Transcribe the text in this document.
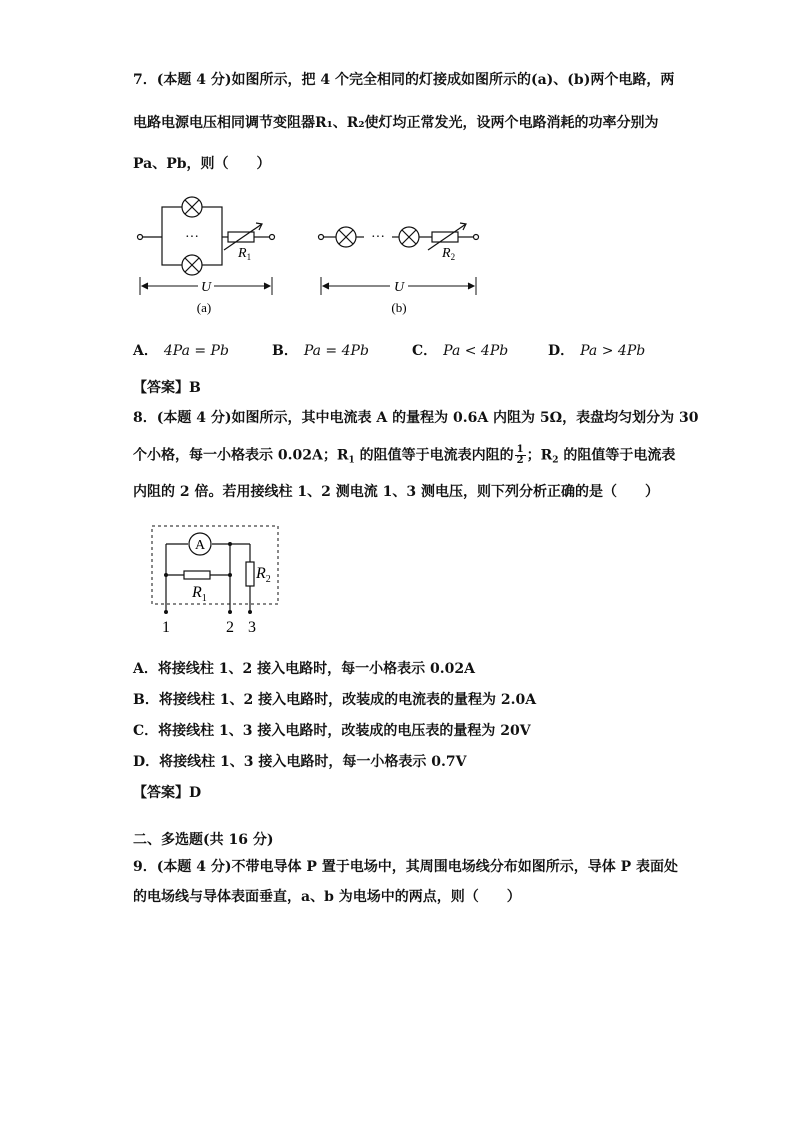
7．(本题 4 分)如图所示，把 4 个完全相同的灯接成如图所示的(a)、(b)两个电路，两
电路电源电压相同调节变阻器R₁、R₂使灯均正常发光，设两个电路消耗的功率分别为
Pa、Pb，则（　　）
···
$R_1$
U
(a)
···
$R_2$
U
(b)
A． 4Pa = Pb	B． Pa = 4Pb	C． Pa < 4Pb	D． Pa > 4Pb
【答案】B
8．(本题 4 分)如图所示，其中电流表 A 的量程为 0.6A 内阻为 5Ω，表盘均匀划分为 30
个小格，每一小格表示 0.02A；$R_1$ 的阻值等于电流表内阻的 $\frac{1}{2}$ ；$R_2$ 的阻值等于电流表
内阻的 2 倍。若用接线柱 1、2 测电流 1、3 测电压，则下列分析正确的是（　　）
A
$R_1$
$R_2$
1	2 3
A．将接线柱 1、2 接入电路时，每一小格表示 0.02A
B．将接线柱 1、2 接入电路时，改装成的电流表的量程为 2.0A
C．将接线柱 1、3 接入电路时，改装成的电压表的量程为 20V
D．将接线柱 1、3 接入电路时，每一小格表示 0.7V
【答案】D
二、多选题(共 16 分)
9．(本题 4 分)不带电导体 P 置于电场中，其周围电场线分布如图所示，导体 P 表面处
的电场线与导体表面垂直，a、b 为电场中的两点，则（　　）
